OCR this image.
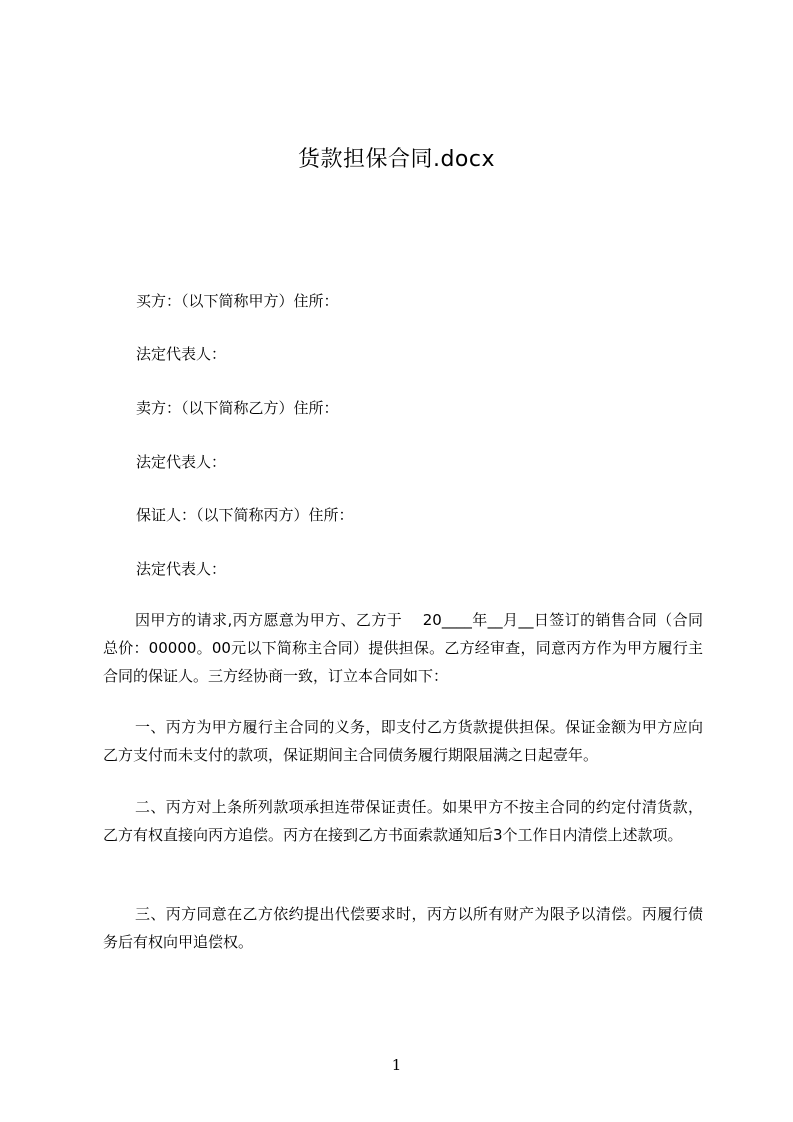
货款担保合同.docx
买方：（以下简称甲方）住所：
法定代表人：
卖方：（以下简称乙方）住所：
法定代表人：
保证人：（以下简称丙方）住所：
法定代表人：
因甲方的请求,丙方愿意为甲方、乙方于　 20____年__月__日签订的销售合同（合同总价：00000。00元以下简称主合同）提供担保。乙方经审查，同意丙方作为甲方履行主合同的保证人。三方经协商一致，订立本合同如下：
一、丙方为甲方履行主合同的义务，即支付乙方货款提供担保。保证金额为甲方应向乙方支付而未支付的款项，保证期间主合同债务履行期限届满之日起壹年。
二、丙方对上条所列款项承担连带保证责任。如果甲方不按主合同的约定付清货款，乙方有权直接向丙方追偿。丙方在接到乙方书面索款通知后3个工作日内清偿上述款项。
三、丙方同意在乙方依约提出代偿要求时，丙方以所有财产为限予以清偿。丙履行债务后有权向甲追偿权。
1
